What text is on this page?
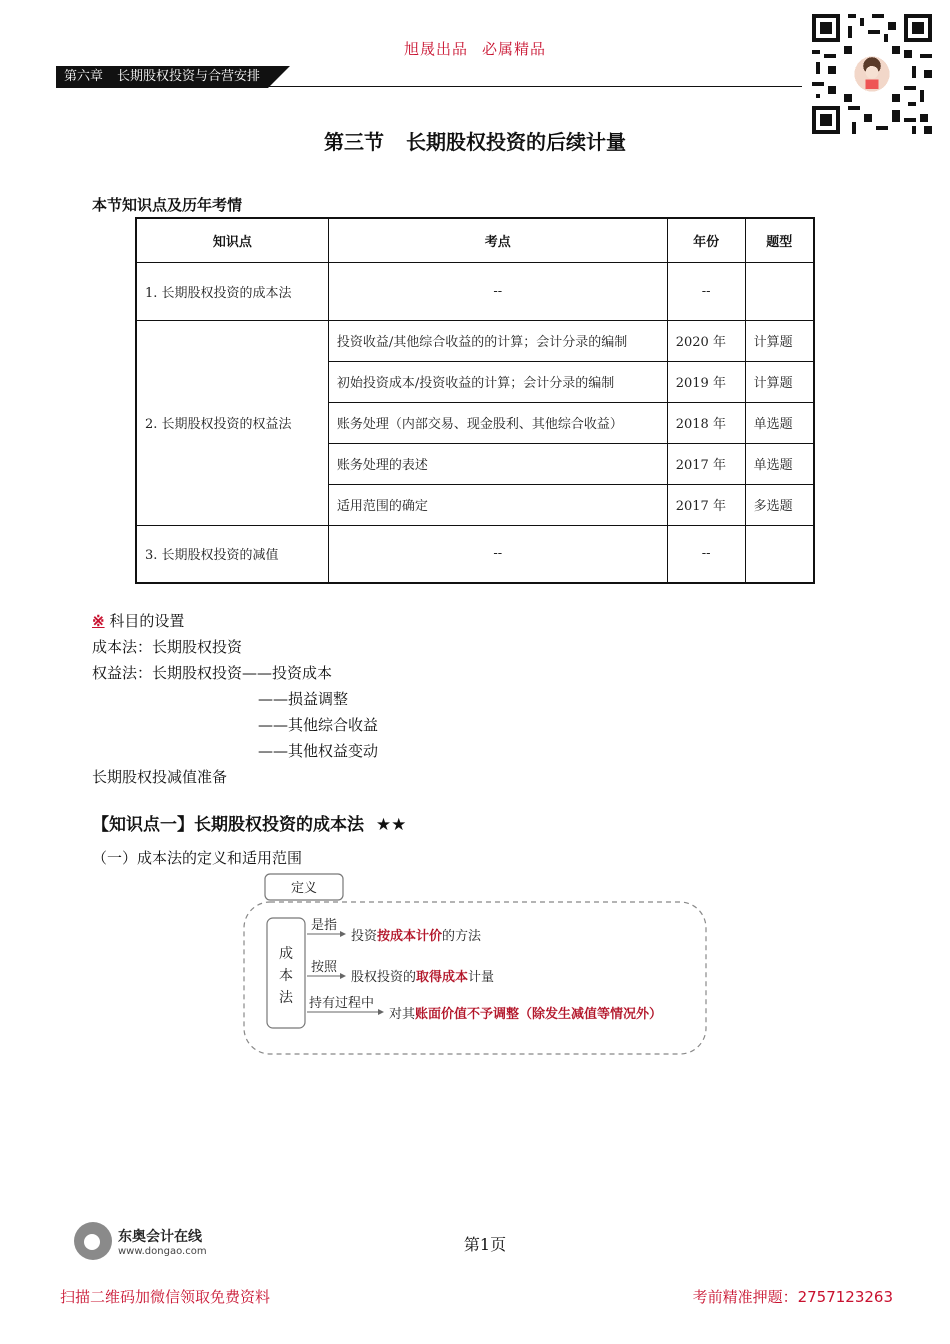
旭晟出品 必属精品
第六章 长期股权投资与合营安排
第三节 长期股权投资的后续计量
本节知识点及历年考情
知识点	考点	年份	题型
1. 长期股权投资的成本法	--	--	
2. 长期股权投资的权益法	投资收益/其他综合收益的的计算；会计分录的编制	2020 年	计算题
	初始投资成本/投资收益的计算；会计分录的编制	2019 年	计算题
	账务处理（内部交易、现金股利、其他综合收益）	2018 年	单选题
	账务处理的表述	2017 年	单选题
	适用范围的确定	2017 年	多选题
3. 长期股权投资的减值	--	--	
※ 科目的设置
成本法：长期股权投资
权益法：长期股权投资——投资成本
——损益调整
——其他综合收益
——其他权益变动
长期股权投减值准备
【知识点一】长期股权投资的成本法 ★★
（一）成本法的定义和适用范围
定义
成
本
法
是指
投资按成本计价的方法
按照
股权投资的取得成本计量
持有过程中
对其账面价值不予调整（除发生减值等情况外）
东奥会计在线
www.dongao.com	第1页
扫描二维码加微信领取免费资料	考前精准押题：2757123263
